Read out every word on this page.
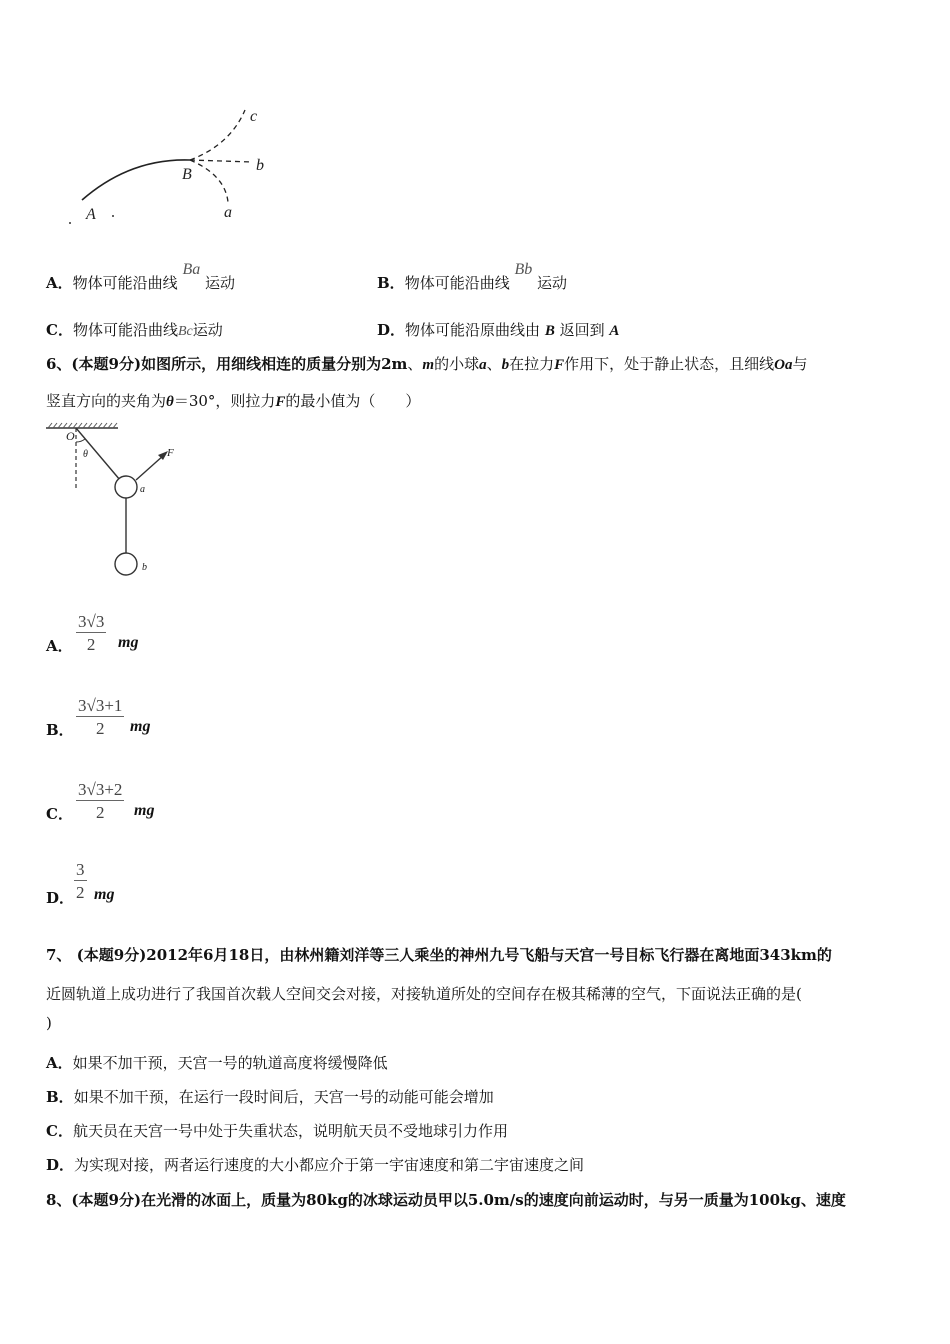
c
b
B
A	a
A．物体可能沿曲线 Ba 运动	B．物体可能沿曲线 Bb 运动
C．物体可能沿曲线Bc运动	D．物体可能沿原曲线由 B 返回到 A
6、(本题9分)如图所示，用细线相连的质量分别为2m、m的小球a、b在拉力F作用下，处于静止状态，且细线Oa与
竖直方向的夹角为θ＝30°，则拉力F的最小值为（　　）
O
θ	F
a
b
A． $\frac{3√3}{2}$ mg
B． $\frac{3√3+1}{2}$ mg
C． $\frac{3√3+2}{2}$ mg
D． $\frac{3}{2}$ mg
7、 (本题9分)2012年6月18日，由林州籍刘洋等三人乘坐的神州九号飞船与天宫一号目标飞行器在离地面343km的
近圆轨道上成功进行了我国首次载人空间交会对接，对接轨道所处的空间存在极其稀薄的空气，下面说法正确的是(
)
A．如果不加干预，天宫一号的轨道高度将缓慢降低
B．如果不加干预，在运行一段时间后，天宫一号的动能可能会增加
C．航天员在天宫一号中处于失重状态，说明航天员不受地球引力作用
D．为实现对接，两者运行速度的大小都应介于第一宇宙速度和第二宇宙速度之间
8、(本题9分)在光滑的冰面上，质量为80kg的冰球运动员甲以5.0m/s的速度向前运动时，与另一质量为100kg、速度
